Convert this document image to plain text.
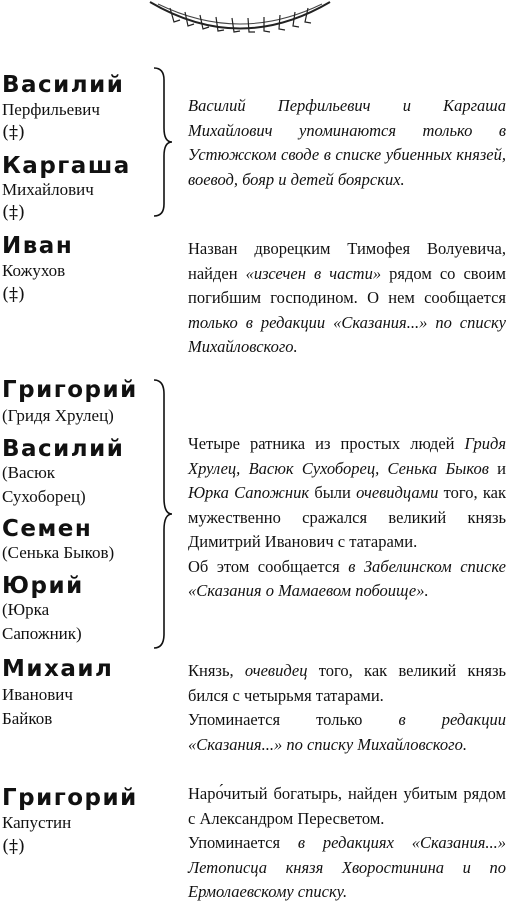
Василий
Перфильевич
(‡)
Каргаша
Михайлович
(‡)

Василий Перфильевич и Каргаша Михайлович упоминаются только в Устюжском своде в списке убиенных князей, воевод, бояр и детей боярских.

Иван
Кожухов
(‡)

Назван дворецким Тимофея Волуевича, найден «изсечен в части» рядом со своим погибшим господином. О нем сообщается только в редакции «Сказания...» по списку Михайловского.

Григорий
(Гридя Хрулец)
Василий
(Васюк
Сухоборец)
Семен
(Сенька Быков)
Юрий
(Юрка
Сапожник)

Четыре ратника из простых людей Гридя Хрулец, Васюк Сухоборец, Сенька Быков и Юрка Сапожник были очевидцами того, как мужественно сражался великий князь Димитрий Иванович с татарами.

Об этом сообщается в Забелинском списке «Сказания о Мамаевом побоище».

Михаил
Иванович
Байков

Князь, очевидец того, как великий князь бился с четырьмя татарами.

Упоминается только в редакции «Сказания...» по списку Михайловского.

Григорий
Капустин
(‡)

Наро́читый богатырь, найден убитым рядом с Александром Пересветом.

Упоминается в редакциях «Сказания...» Летописца князя Хворостинина и по Ермолаевскому списку.
